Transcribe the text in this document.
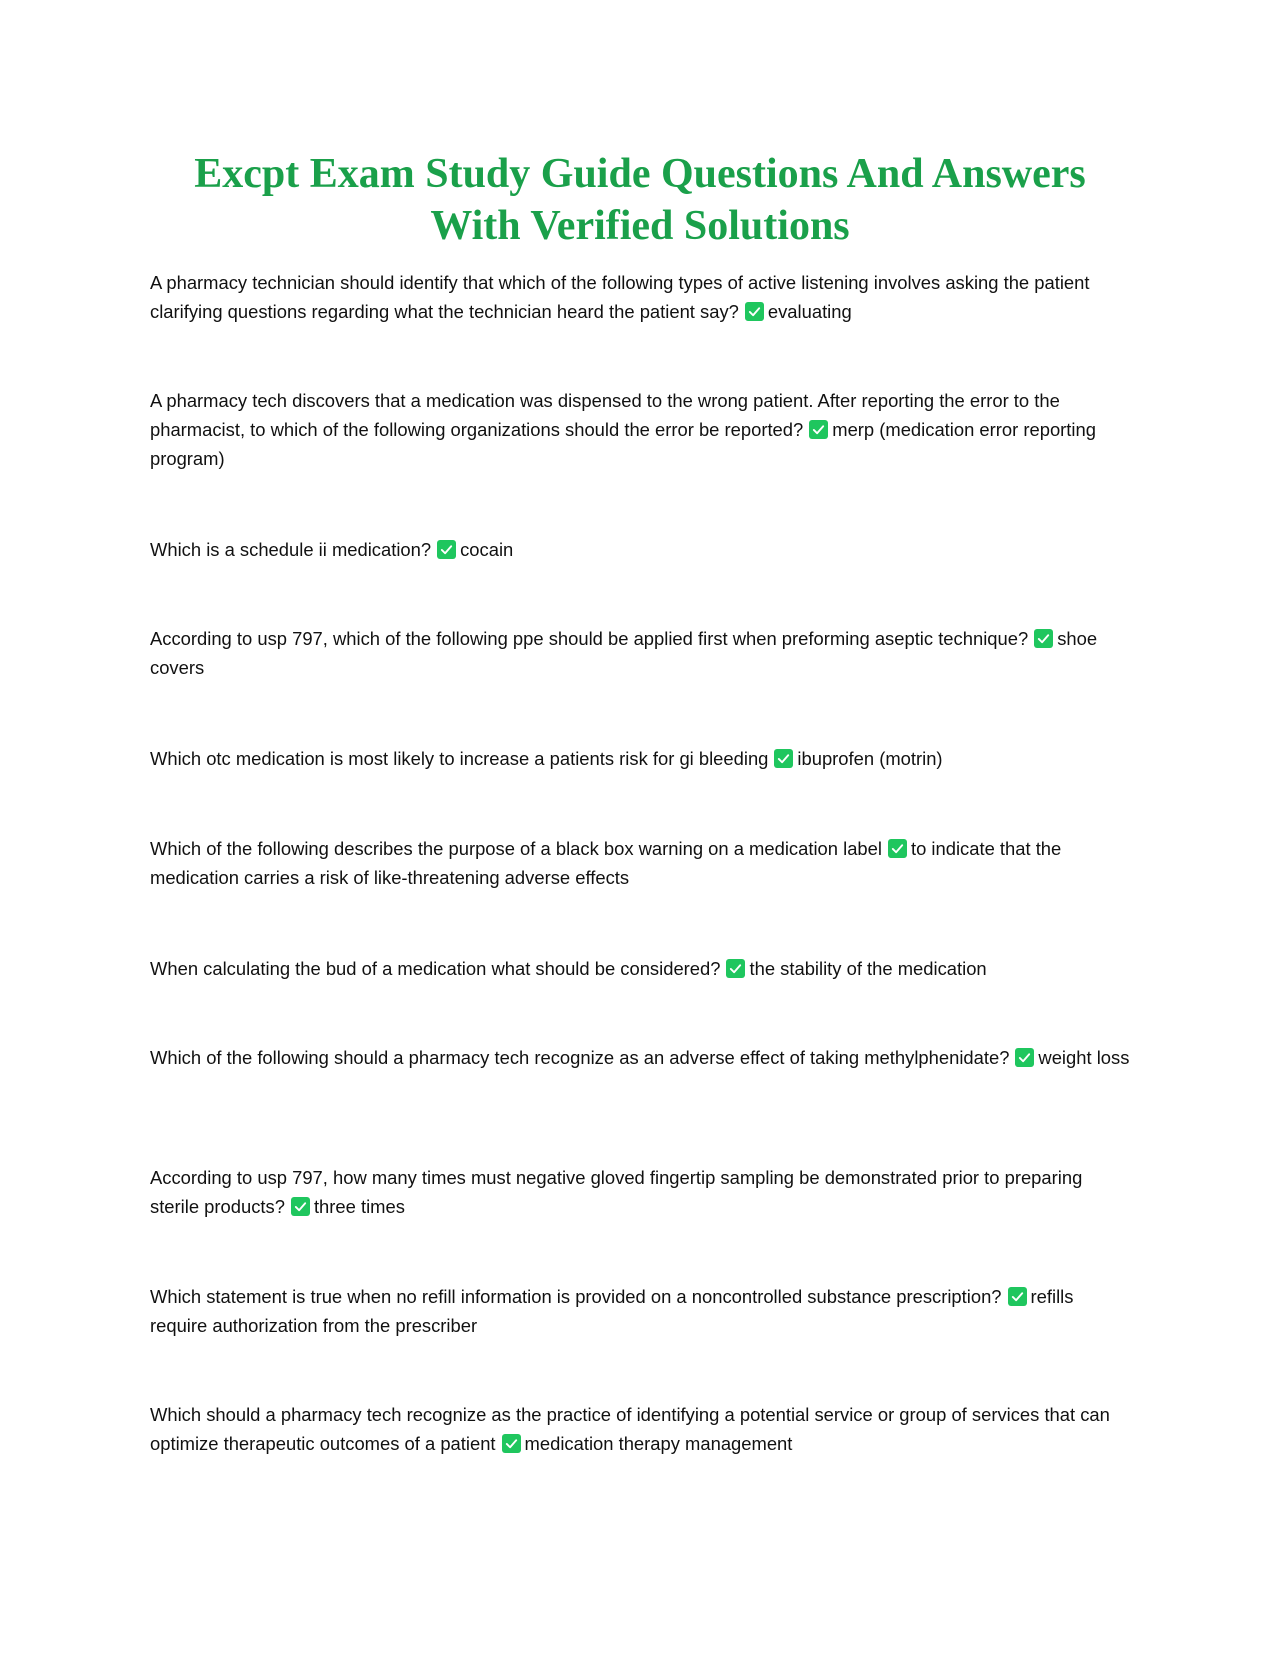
Excpt Exam Study Guide Questions And Answers
With Verified Solutions

A pharmacy technician should identify that which of the following types of active listening involves asking the patient clarifying questions regarding what the technician heard the patient say? evaluating

A pharmacy tech discovers that a medication was dispensed to the wrong patient. After reporting the error to the pharmacist, to which of the following organizations should the error be reported? merp (medication error reporting program)

Which is a schedule ii medication? cocain

According to usp 797, which of the following ppe should be applied first when preforming aseptic technique? shoe covers

Which otc medication is most likely to increase a patients risk for gi bleeding ibuprofen (motrin)

Which of the following describes the purpose of a black box warning on a medication label to indicate that the medication carries a risk of like-threatening adverse effects

When calculating the bud of a medication what should be considered? the stability of the medication

Which of the following should a pharmacy tech recognize as an adverse effect of taking methylphenidate? weight loss

According to usp 797, how many times must negative gloved fingertip sampling be demonstrated prior to preparing sterile products? three times

Which statement is true when no refill information is provided on a noncontrolled substance prescription? refills require authorization from the prescriber

Which should a pharmacy tech recognize as the practice of identifying a potential service or group of services that can optimize therapeutic outcomes of a patient medication therapy management
